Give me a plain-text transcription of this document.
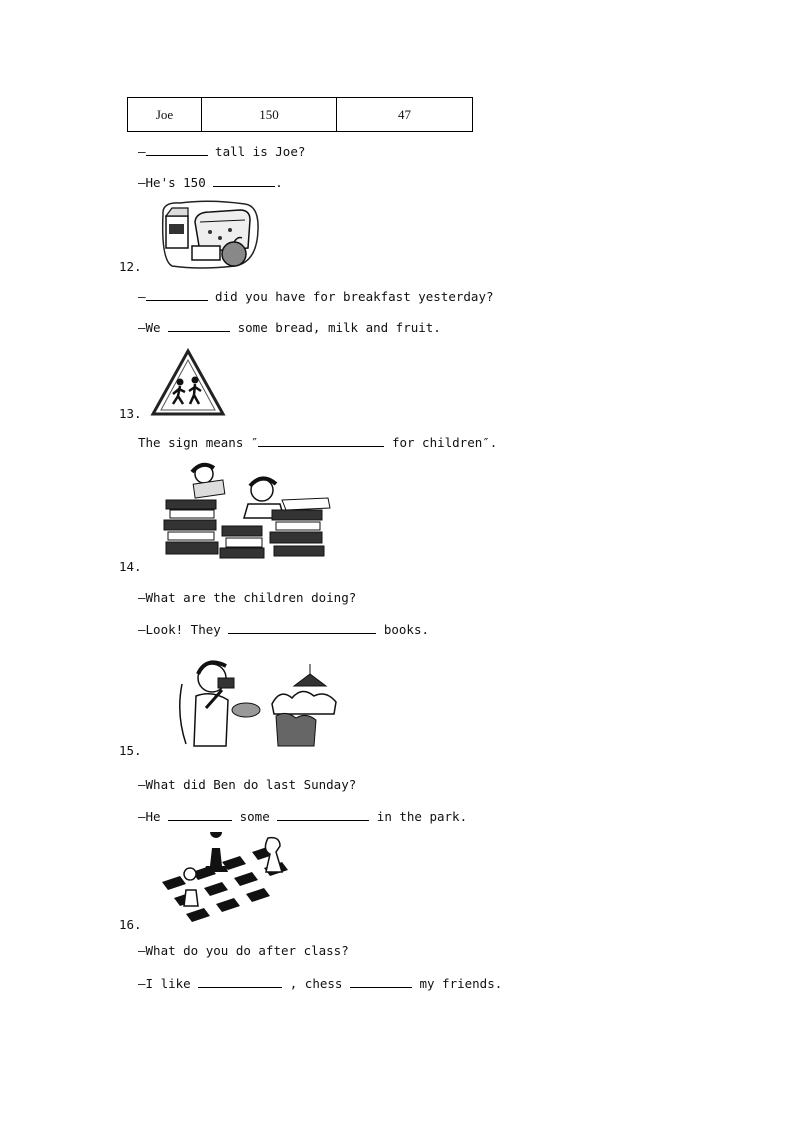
Joe	150	47
—	tall is Joe?
—He's 150	.
12.
—	did you have for breakfast yesterday?
—We	some bread, milk and fruit.
13.
The sign means ″	for children″.
14.
—What are the children doing?
—Look! They	books.
15.
—What did Ben do last Sunday?
—He	some	in the park.
16.
—What do you do after class?
—I like	, chess	my friends.
